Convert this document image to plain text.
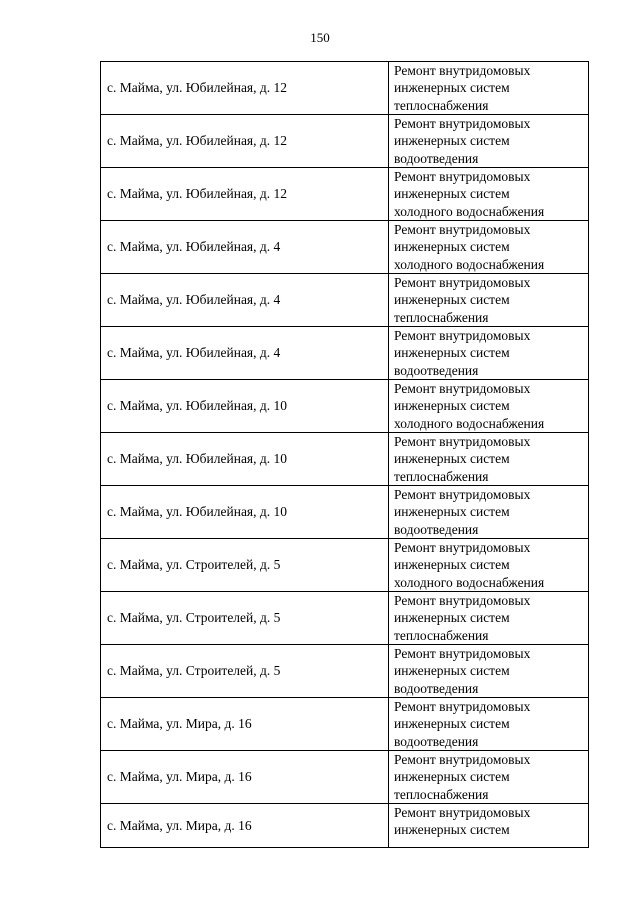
150
с. Майма, ул. Юбилейная, д. 12	Ремонт внутридомовых
инженерных систем
теплоснабжения
с. Майма, ул. Юбилейная, д. 12	Ремонт внутридомовых
инженерных систем
водоотведения
с. Майма, ул. Юбилейная, д. 12	Ремонт внутридомовых
инженерных систем
холодного водоснабжения
с. Майма, ул. Юбилейная, д. 4	Ремонт внутридомовых
инженерных систем
холодного водоснабжения
с. Майма, ул. Юбилейная, д. 4	Ремонт внутридомовых
инженерных систем
теплоснабжения
с. Майма, ул. Юбилейная, д. 4	Ремонт внутридомовых
инженерных систем
водоотведения
с. Майма, ул. Юбилейная, д. 10	Ремонт внутридомовых
инженерных систем
холодного водоснабжения
с. Майма, ул. Юбилейная, д. 10	Ремонт внутридомовых
инженерных систем
теплоснабжения
с. Майма, ул. Юбилейная, д. 10	Ремонт внутридомовых
инженерных систем
водоотведения
с. Майма, ул. Строителей, д. 5	Ремонт внутридомовых
инженерных систем
холодного водоснабжения
с. Майма, ул. Строителей, д. 5	Ремонт внутридомовых
инженерных систем
теплоснабжения
с. Майма, ул. Строителей, д. 5	Ремонт внутридомовых
инженерных систем
водоотведения
с. Майма, ул. Мира, д. 16	Ремонт внутридомовых
инженерных систем
водоотведения
с. Майма, ул. Мира, д. 16	Ремонт внутридомовых
инженерных систем
теплоснабжения
с. Майма, ул. Мира, д. 16	Ремонт внутридомовых
инженерных систем
